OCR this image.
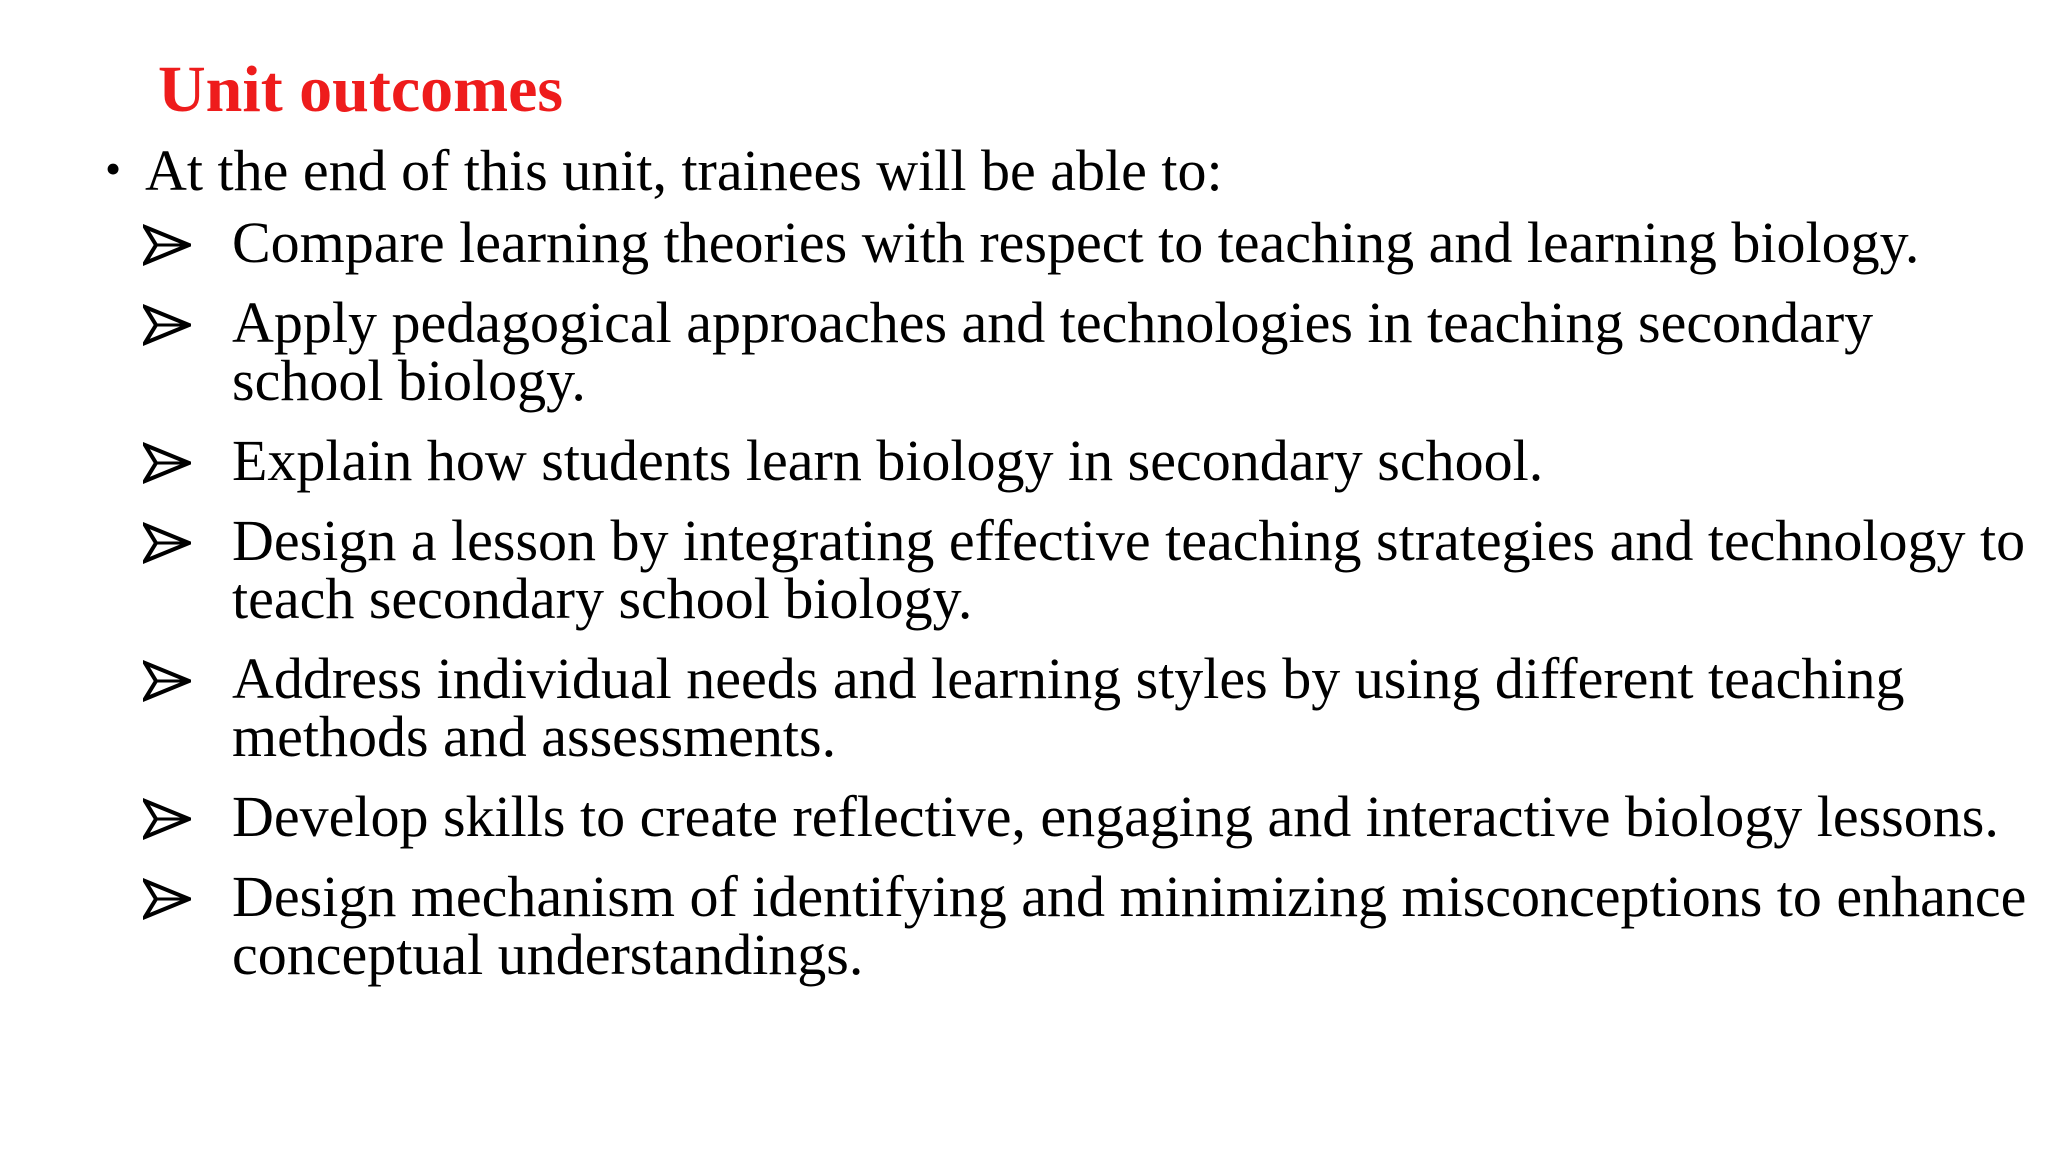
Unit outcomes
• At the end of this unit, trainees will be able to:
Compare learning theories with respect to teaching and learning biology.
Apply pedagogical approaches and technologies in teaching secondary school biology.
Explain how students learn biology in secondary school.
Design a lesson by integrating effective teaching strategies and technology to teach secondary school biology.
Address individual needs and learning styles by using different teaching methods and assessments.
Develop skills to create reflective, engaging and interactive biology lessons.
Design mechanism of identifying and minimizing misconceptions to enhance conceptual understandings.
